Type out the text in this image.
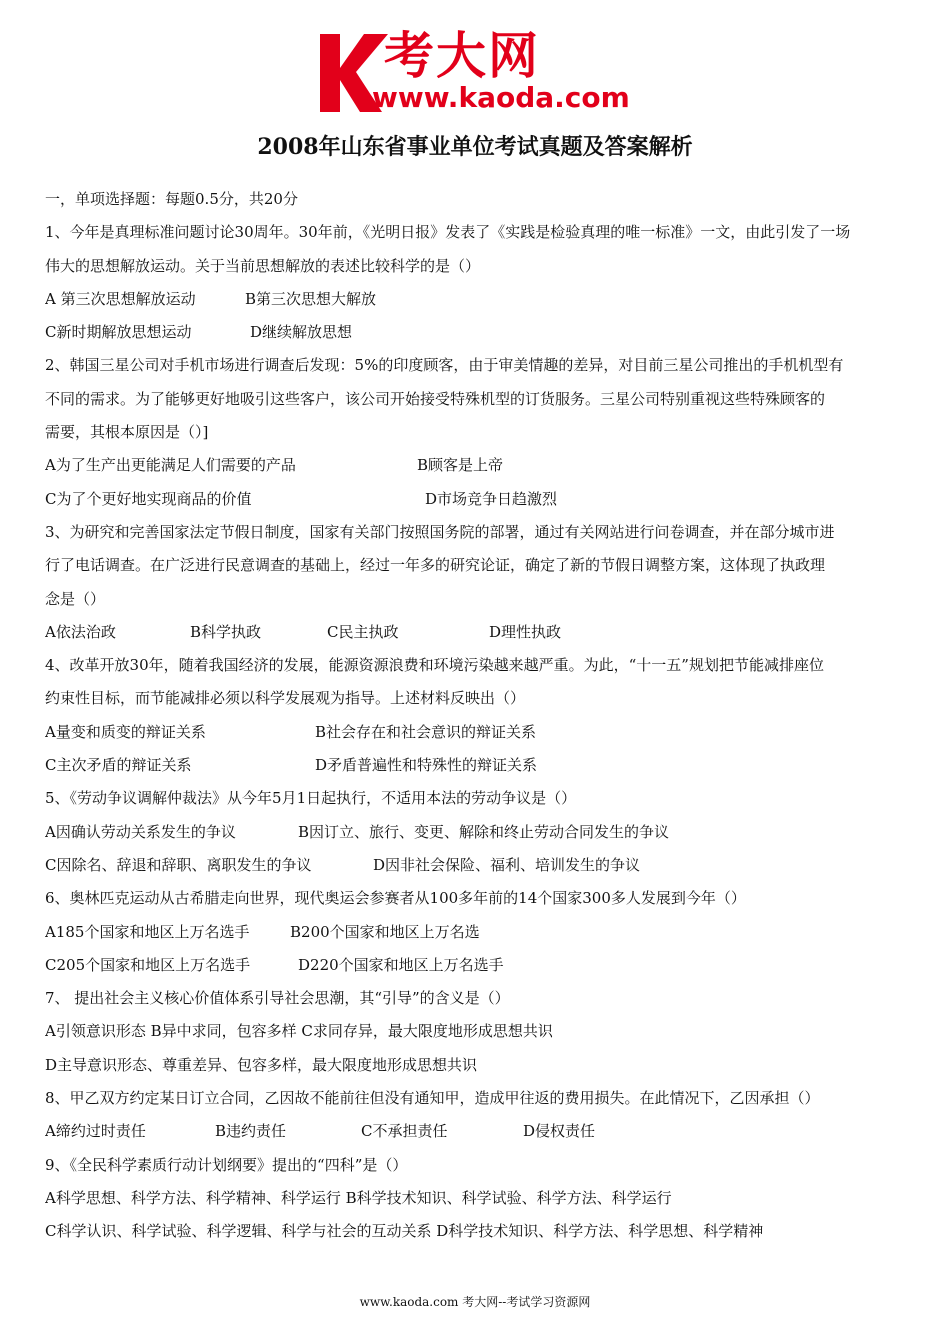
考大网
www.kaoda.com
2008年山东省事业单位考试真题及答案解析
一，单项选择题：每题0.5分，共20分
1、今年是真理标准问题讨论30周年。30年前，《光明日报》发表了《实践是检验真理的唯一标准》一文，由此引发了一场
伟大的思想解放运动。关于当前思想解放的表述比较科学的是（）
A 第三次思想解放运动	B第三次思想大解放
C新时期解放思想运动	D继续解放思想
2、韩国三星公司对手机市场进行调查后发现：5%的印度顾客，由于审美情趣的差异，对目前三星公司推出的手机机型有
不同的需求。为了能够更好地吸引这些客户，该公司开始接受特殊机型的订货服务。三星公司特别重视这些特殊顾客的
需要，其根本原因是（）]
A为了生产出更能满足人们需要的产品	B顾客是上帝
C为了个更好地实现商品的价值	D市场竞争日趋激烈
3、为研究和完善国家法定节假日制度，国家有关部门按照国务院的部署，通过有关网站进行问卷调查，并在部分城市进
行了电话调查。在广泛进行民意调查的基础上，经过一年多的研究论证，确定了新的节假日调整方案，这体现了执政理
念是（）
A依法治政	B科学执政	C民主执政	D理性执政
4、改革开放30年，随着我国经济的发展，能源资源浪费和环境污染越来越严重。为此，“十一五”规划把节能减排座位
约束性目标，而节能减排必须以科学发展观为指导。上述材料反映出（）
A量变和质变的辩证关系	B社会存在和社会意识的辩证关系
C主次矛盾的辩证关系	D矛盾普遍性和特殊性的辩证关系
5、《劳动争议调解仲裁法》从今年5月1日起执行，不适用本法的劳动争议是（）
A因确认劳动关系发生的争议	B因订立、旅行、变更、解除和终止劳动合同发生的争议
C因除名、辞退和辞职、离职发生的争议	D因非社会保险、福利、培训发生的争议
6、奥林匹克运动从古希腊走向世界，现代奥运会参赛者从100多年前的14个国家300多人发展到今年（）
A185个国家和地区上万名选手	B200个国家和地区上万名选
C205个国家和地区上万名选手	D220个国家和地区上万名选手
7、 提出社会主义核心价值体系引导社会思潮，其“引导”的含义是（）
A引领意识形态 B异中求同，包容多样 C求同存异，最大限度地形成思想共识
D主导意识形态、尊重差异、包容多样，最大限度地形成思想共识
8、甲乙双方约定某日订立合同，乙因故不能前往但没有通知甲，造成甲往返的费用损失。在此情况下，乙因承担（）
A缔约过时责任	B违约责任	C不承担责任	D侵权责任
9、《全民科学素质行动计划纲要》提出的“四科”是（）
A科学思想、科学方法、科学精神、科学运行 B科学技术知识、科学试验、科学方法、科学运行
C科学认识、科学试验、科学逻辑、科学与社会的互动关系 D科学技术知识、科学方法、科学思想、科学精神
www.kaoda.com 考大网--考试学习资源网
